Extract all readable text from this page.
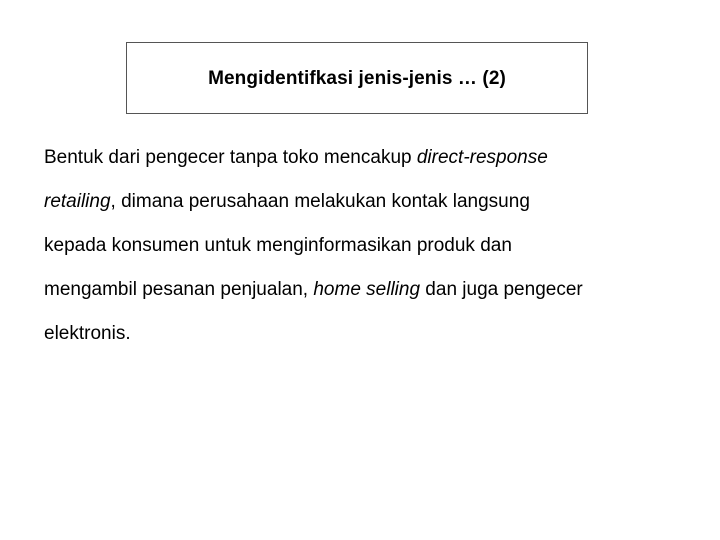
Mengidentifkasi jenis-jenis … (2)
Bentuk dari pengecer tanpa toko mencakup direct-response
retailing, dimana perusahaan melakukan kontak langsung
kepada konsumen untuk menginformasikan produk dan
mengambil pesanan penjualan, home selling dan juga pengecer
elektronis.
